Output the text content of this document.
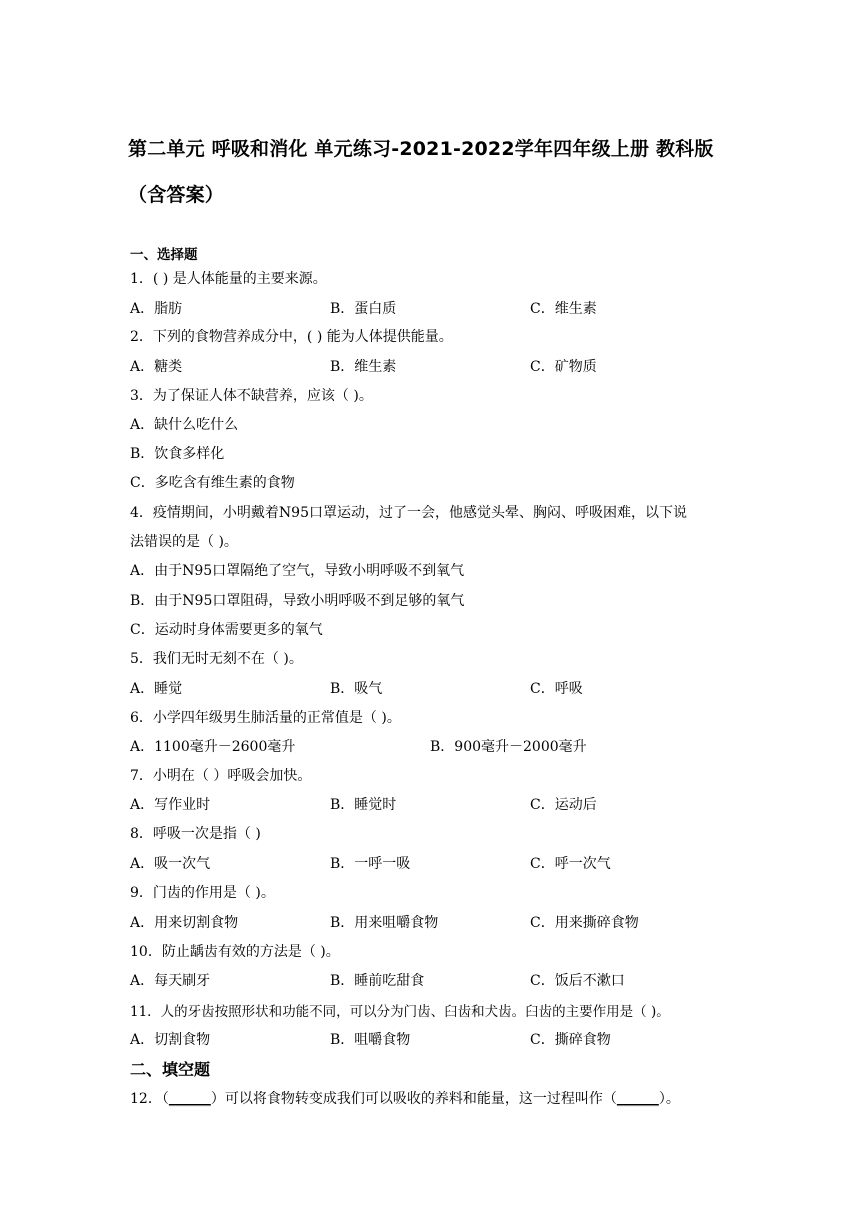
第二单元 呼吸和消化 单元练习-2021-2022学年四年级上册 教科版
（含答案）
一、选择题
1．( ) 是人体能量的主要来源。
A．脂肪	B．蛋白质	C．维生素
2．下列的食物营养成分中，( ) 能为人体提供能量。
A．糖类	B．维生素	C．矿物质
3．为了保证人体不缺营养，应该（ )。
A．缺什么吃什么
B．饮食多样化
C．多吃含有维生素的食物
4．疫情期间，小明戴着N95口罩运动，过了一会，他感觉头晕、胸闷、呼吸困难，以下说
法错误的是（ )。
A．由于N95口罩隔绝了空气，导致小明呼吸不到氧气
B．由于N95口罩阻碍，导致小明呼吸不到足够的氧气
C．运动时身体需要更多的氧气
5．我们无时无刻不在（ )。
A．睡觉	B．吸气	C．呼吸
6．小学四年级男生肺活量的正常值是（ )。
A．1100毫升－2600毫升	B．900毫升－2000毫升
7．小明在（ ）呼吸会加快。
A．写作业时	B．睡觉时	C．运动后
8．呼吸一次是指（ )
A．吸一次气	B．一呼一吸	C．呼一次气
9．门齿的作用是（ )。
A．用来切割食物	B．用来咀嚼食物	C．用来撕碎食物
10．防止龋齿有效的方法是（ )。
A．每天刷牙	B．睡前吃甜食	C．饭后不漱口
11．人的牙齿按照形状和功能不同，可以分为门齿、臼齿和犬齿。臼齿的主要作用是（ )。
A．切割食物	B．咀嚼食物	C．撕碎食物
二、填空题
12．（______）可以将食物转变成我们可以吸收的养料和能量，这一过程叫作（______）。
